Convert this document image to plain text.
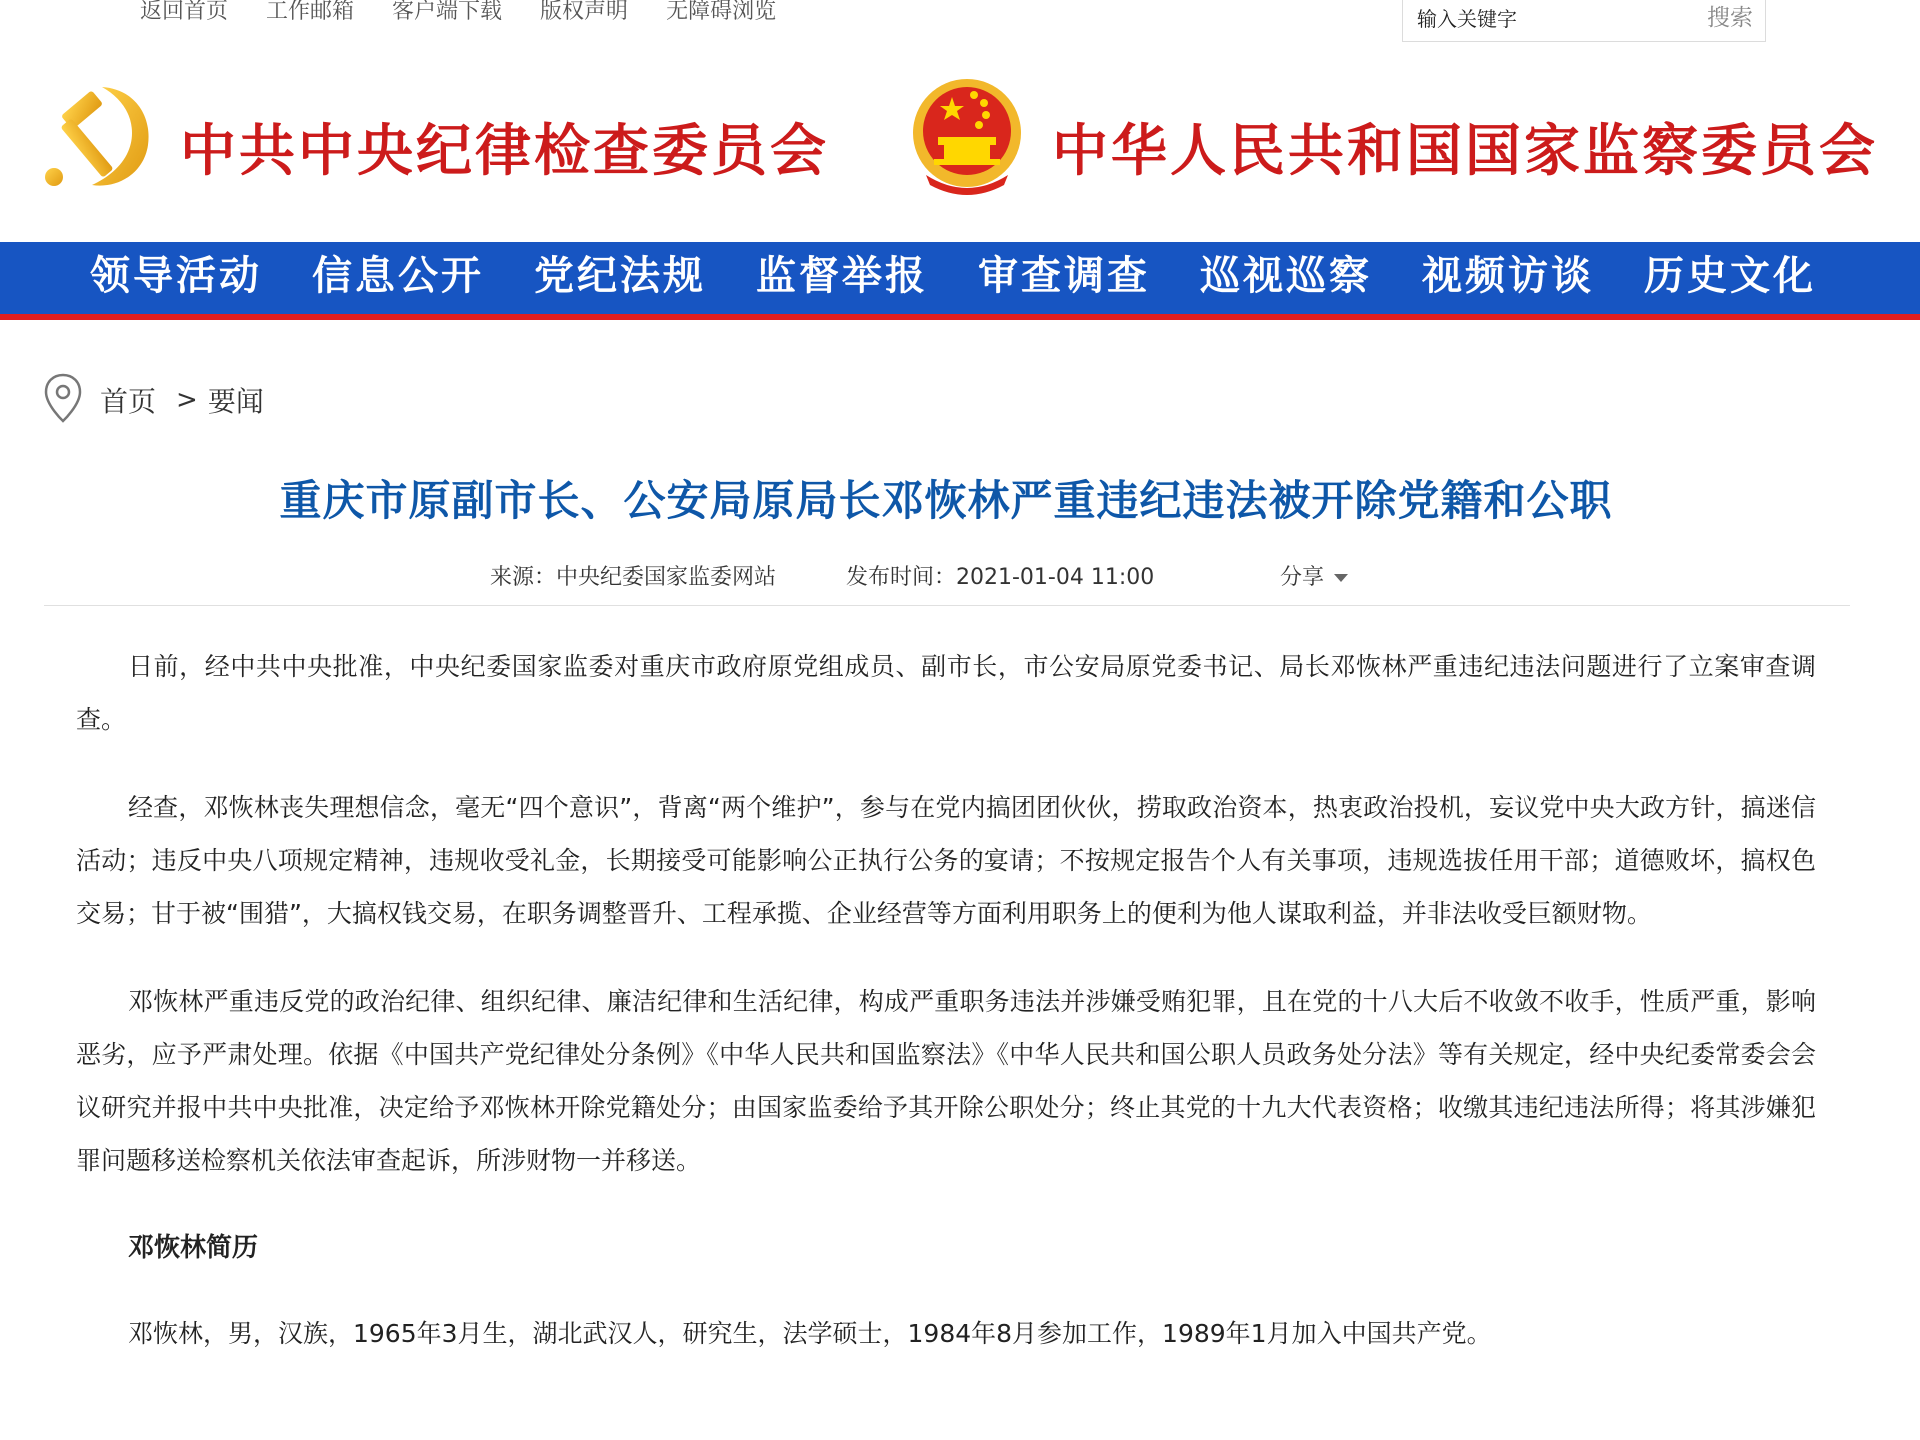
返回首页 工作邮箱 客户端下载 版权声明 无障碍浏览
输入关键字	搜索
中共中央纪律检查委员会	中华人民共和国国家监察委员会
领导活动 信息公开 党纪法规 监督举报 审查调查 巡视巡察 视频访谈 历史文化
首页 > 要闻
重庆市原副市长、公安局原局长邓恢林严重违纪违法被开除党籍和公职
来源：中央纪委国家监委网站	发布时间：2021-01-04 11:00	分享

日前，经中共中央批准，中央纪委国家监委对重庆市政府原党组成员、副市长，市公安局原党委书记、局长邓恢林严重违纪违法问题进行了立案审查调查。

经查，邓恢林丧失理想信念，毫无“四个意识”，背离“两个维护”，参与在党内搞团团伙伙，捞取政治资本，热衷政治投机，妄议党中央大政方针，搞迷信活动；违反中央八项规定精神，违规收受礼金，长期接受可能影响公正执行公务的宴请；不按规定报告个人有关事项，违规选拔任用干部；道德败坏，搞权色交易；甘于被“围猎”，大搞权钱交易，在职务调整晋升、工程承揽、企业经营等方面利用职务上的便利为他人谋取利益，并非法收受巨额财物。

邓恢林严重违反党的政治纪律、组织纪律、廉洁纪律和生活纪律，构成严重职务违法并涉嫌受贿犯罪，且在党的十八大后不收敛不收手，性质严重，影响恶劣，应予严肃处理。依据《中国共产党纪律处分条例》《中华人民共和国监察法》《中华人民共和国公职人员政务处分法》等有关规定，经中央纪委常委会会议研究并报中共中央批准，决定给予邓恢林开除党籍处分；由国家监委给予其开除公职处分；终止其党的十九大代表资格；收缴其违纪违法所得；将其涉嫌犯罪问题移送检察机关依法审查起诉，所涉财物一并移送。

邓恢林简历

邓恢林，男，汉族，1965年3月生，湖北武汉人，研究生，法学硕士，1984年8月参加工作，1989年1月加入中国共产党。
